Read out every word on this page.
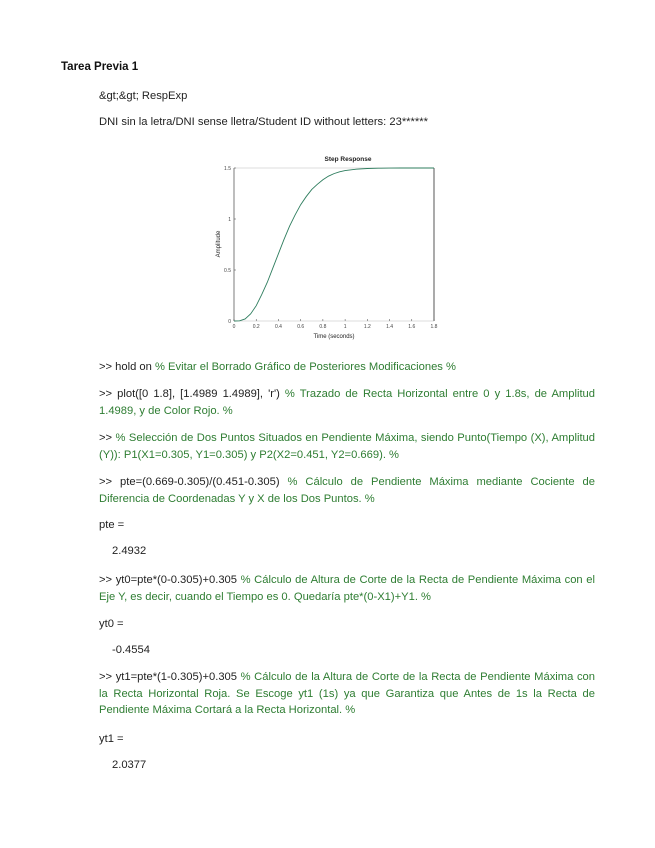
Tarea Previa 1
&gt;&gt; RespExp
DNI sin la letra/DNI sense lletra/Student ID without letters: 23******
Step Response
0	0.2	0.4	0.6	0.8	1	1.2	1.4	1.6	1.8
0
0.5
1
1.5
Time (seconds)
Amplitude
>> hold on % Evitar el Borrado Gráfico de Posteriores Modificaciones %
>> plot([0 1.8], [1.4989 1.4989], 'r') % Trazado de Recta Horizontal entre 0 y 1.8s, de Amplitud 1.4989, y de Color Rojo. %
>> % Selección de Dos Puntos Situados en Pendiente Máxima, siendo Punto(Tiempo (X), Amplitud (Y)): P1(X1=0.305, Y1=0.305) y P2(X2=0.451, Y2=0.669). %
>> pte=(0.669-0.305)/(0.451-0.305) % Cálculo de Pendiente Máxima mediante Cociente de Diferencia de Coordenadas Y y X de los Dos Puntos. %
pte =
2.4932
>> yt0=pte*(0-0.305)+0.305 % Cálculo de Altura de Corte de la Recta de Pendiente Máxima con el Eje Y, es decir, cuando el Tiempo es 0. Quedaría pte*(0-X1)+Y1. %
yt0 =
-0.4554
>> yt1=pte*(1-0.305)+0.305 % Cálculo de la Altura de Corte de la Recta de Pendiente Máxima con la Recta Horizontal Roja. Se Escoge yt1 (1s) ya que Garantiza que Antes de 1s la Recta de Pendiente Máxima Cortará a la Recta Horizontal. %
yt1 =
2.0377
